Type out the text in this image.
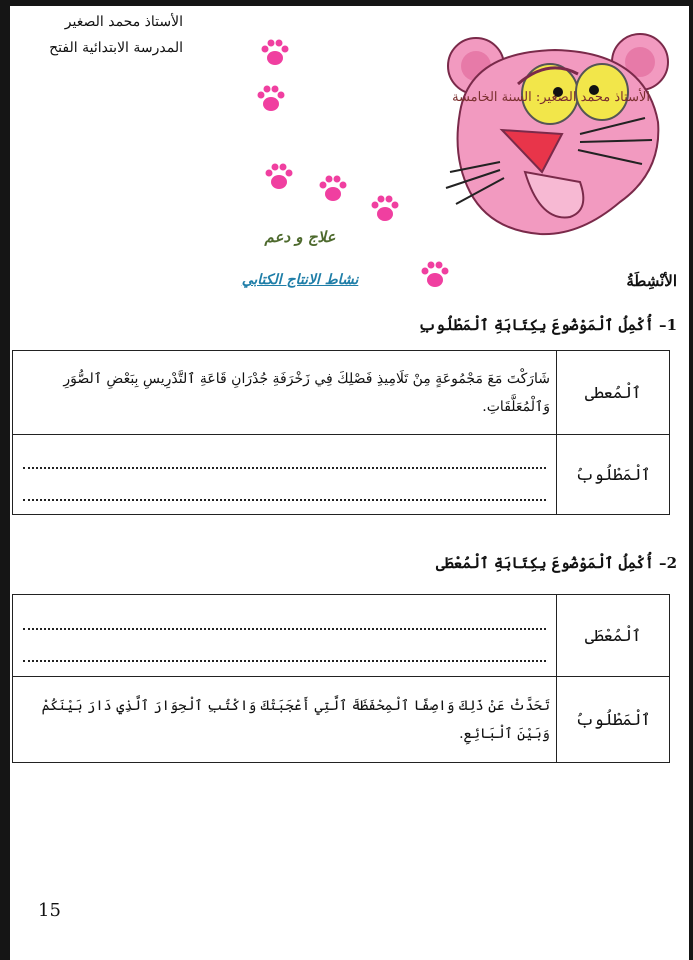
الأستاذ محمد الصغير
المدرسة الابتدائية الفتح
الأستاذ محمد الصغير: السنة الخامسة
علاج و دعم
نشاط الانتاج الكتابي	الأنْشِطَةُ
1– أُكْمِلُ ٱلْمَوْضُوعَ بِكِتَابَةِ ٱلْمَطْلُوبِ
ٱلْمُعطى	شَارَكْتَ مَعَ مَجْمُوعَةٍ مِنْ تَلَامِيذِ فَصْلِكَ فِي زَخْرَفَةِ جُدْرَانِ قَاعَةِ ٱلتَّدْرِيسِ بِبَعْضِ ٱلصُّوَرِ وَٱلْمُعَلَّقَاتِ.
ٱلْمَطْلُوبُ	
2– أُكْمِلُ ٱلْمَوْضُوعَ بِكِتَابَةِ ٱلْمُعْطَى
ٱلْمُعْطَى	

ٱلْمَطْلُوبُ	تَحَدَّثْ عَنْ ذَلِكَ وَاصِفًا ٱلْمِحْفَظَةَ ٱلَّتِي أَعْجَبَتْكَ وَاكْتُبِ ٱلْحِوَارَ ٱلَّذِي دَارَ بَيْنَكُمْ وَبَيْنَ ٱلْبَائِعِ.
15
